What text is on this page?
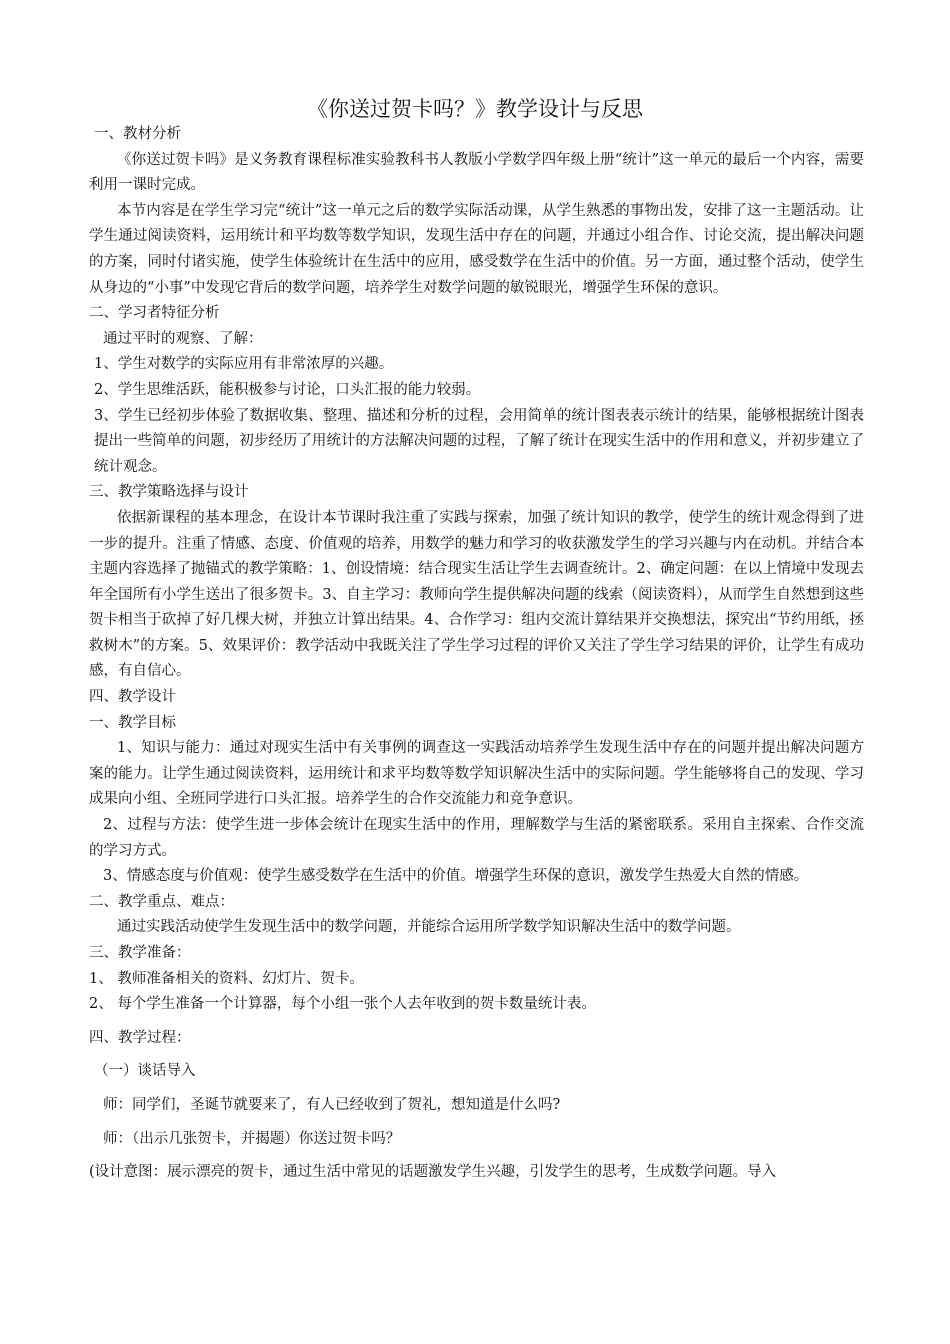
《你送过贺卡吗？》教学设计与反思

一、教材分析

《你送过贺卡吗》是义务教育课程标准实验教科书人教版小学数学四年级上册“统计”这一单元的最后一个内容，需要利用一课时完成。

本节内容是在学生学习完“统计”这一单元之后的数学实际活动课，从学生熟悉的事物出发，安排了这一主题活动。让学生通过阅读资料，运用统计和平均数等数学知识，发现生活中存在的问题，并通过小组合作、讨论交流，提出解决问题的方案，同时付诸实施，使学生体验统计在生活中的应用，感受数学在生活中的价值。另一方面，通过整个活动，使学生从身边的“小事”中发现它背后的数学问题，培养学生对数学问题的敏锐眼光，增强学生环保的意识。

二、学习者特征分析

通过平时的观察、了解：

1、学生对数学的实际应用有非常浓厚的兴趣。

2、学生思维活跃，能积极参与讨论，口头汇报的能力较弱。

3、学生已经初步体验了数据收集、整理、描述和分析的过程，会用简单的统计图表表示统计的结果，能够根据统计图表提出一些简单的问题，初步经历了用统计的方法解决问题的过程，了解了统计在现实生活中的作用和意义，并初步建立了统计观念。

三、教学策略选择与设计

依据新课程的基本理念，在设计本节课时我注重了实践与探索，加强了统计知识的教学，使学生的统计观念得到了进一步的提升。注重了情感、态度、价值观的培养，用数学的魅力和学习的收获激发学生的学习兴趣与内在动机。并结合本主题内容选择了抛锚式的教学策略：1、创设情境：结合现实生活让学生去调查统计。2、确定问题：在以上情境中发现去年全国所有小学生送出了很多贺卡。3、自主学习：教师向学生提供解决问题的线索（阅读资料），从而学生自然想到这些贺卡相当于砍掉了好几棵大树，并独立计算出结果。4、合作学习：组内交流计算结果并交换想法，探究出“节约用纸，拯救树木”的方案。5、效果评价：教学活动中我既关注了学生学习过程的评价又关注了学生学习结果的评价，让学生有成功感，有自信心。

四、教学设计

一、教学目标

1、知识与能力：通过对现实生活中有关事例的调查这一实践活动培养学生发现生活中存在的问题并提出解决问题方案的能力。让学生通过阅读资料，运用统计和求平均数等数学知识解决生活中的实际问题。学生能够将自己的发现、学习成果向小组、全班同学进行口头汇报。培养学生的合作交流能力和竞争意识。

2、过程与方法：使学生进一步体会统计在现实生活中的作用，理解数学与生活的紧密联系。采用自主探索、合作交流的学习方式。

3、情感态度与价值观：使学生感受数学在生活中的价值。增强学生环保的意识，激发学生热爱大自然的情感。

二、教学重点、难点：

通过实践活动使学生发现生活中的数学问题，并能综合运用所学数学知识解决生活中的数学问题。

三、教学准备：

1、 教师准备相关的资料、幻灯片、贺卡。

2、 每个学生准备一个计算器，每个小组一张个人去年收到的贺卡数量统计表。

四、教学过程：

（一）谈话导入

师：同学们，圣诞节就要来了，有人已经收到了贺礼，想知道是什么吗?

师：（出示几张贺卡，并揭题）你送过贺卡吗？

(设计意图：展示漂亮的贺卡，通过生活中常见的话题激发学生兴趣，引发学生的思考，生成数学问题。导入
